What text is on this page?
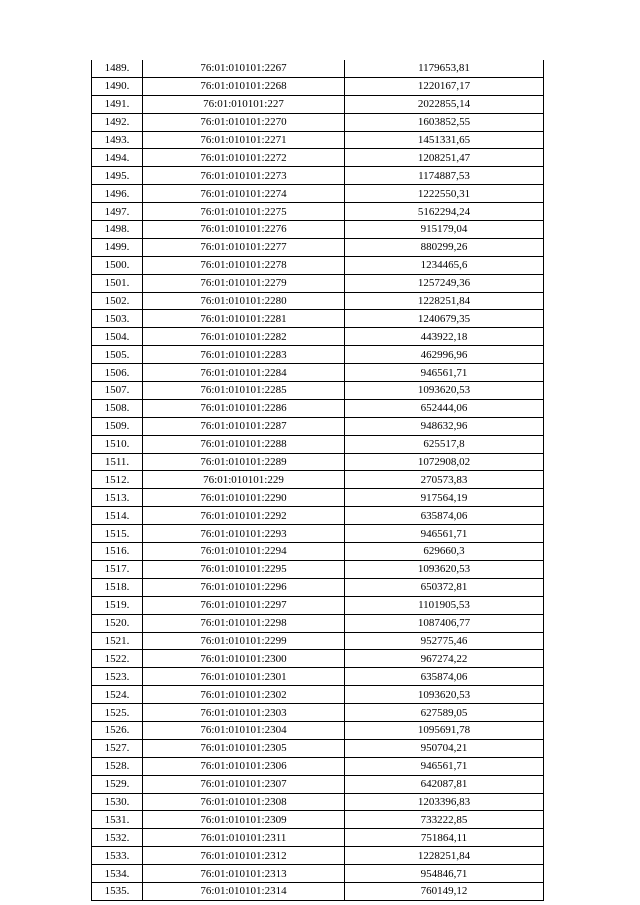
1489.	76:01:010101:2267	1179653,81
1490.	76:01:010101:2268	1220167,17
1491.	76:01:010101:227	2022855,14
1492.	76:01:010101:2270	1603852,55
1493.	76:01:010101:2271	1451331,65
1494.	76:01:010101:2272	1208251,47
1495.	76:01:010101:2273	1174887,53
1496.	76:01:010101:2274	1222550,31
1497.	76:01:010101:2275	5162294,24
1498.	76:01:010101:2276	915179,04
1499.	76:01:010101:2277	880299,26
1500.	76:01:010101:2278	1234465,6
1501.	76:01:010101:2279	1257249,36
1502.	76:01:010101:2280	1228251,84
1503.	76:01:010101:2281	1240679,35
1504.	76:01:010101:2282	443922,18
1505.	76:01:010101:2283	462996,96
1506.	76:01:010101:2284	946561,71
1507.	76:01:010101:2285	1093620,53
1508.	76:01:010101:2286	652444,06
1509.	76:01:010101:2287	948632,96
1510.	76:01:010101:2288	625517,8
1511.	76:01:010101:2289	1072908,02
1512.	76:01:010101:229	270573,83
1513.	76:01:010101:2290	917564,19
1514.	76:01:010101:2292	635874,06
1515.	76:01:010101:2293	946561,71
1516.	76:01:010101:2294	629660,3
1517.	76:01:010101:2295	1093620,53
1518.	76:01:010101:2296	650372,81
1519.	76:01:010101:2297	1101905,53
1520.	76:01:010101:2298	1087406,77
1521.	76:01:010101:2299	952775,46
1522.	76:01:010101:2300	967274,22
1523.	76:01:010101:2301	635874,06
1524.	76:01:010101:2302	1093620,53
1525.	76:01:010101:2303	627589,05
1526.	76:01:010101:2304	1095691,78
1527.	76:01:010101:2305	950704,21
1528.	76:01:010101:2306	946561,71
1529.	76:01:010101:2307	642087,81
1530.	76:01:010101:2308	1203396,83
1531.	76:01:010101:2309	733222,85
1532.	76:01:010101:2311	751864,11
1533.	76:01:010101:2312	1228251,84
1534.	76:01:010101:2313	954846,71
1535.	76:01:010101:2314	760149,12
